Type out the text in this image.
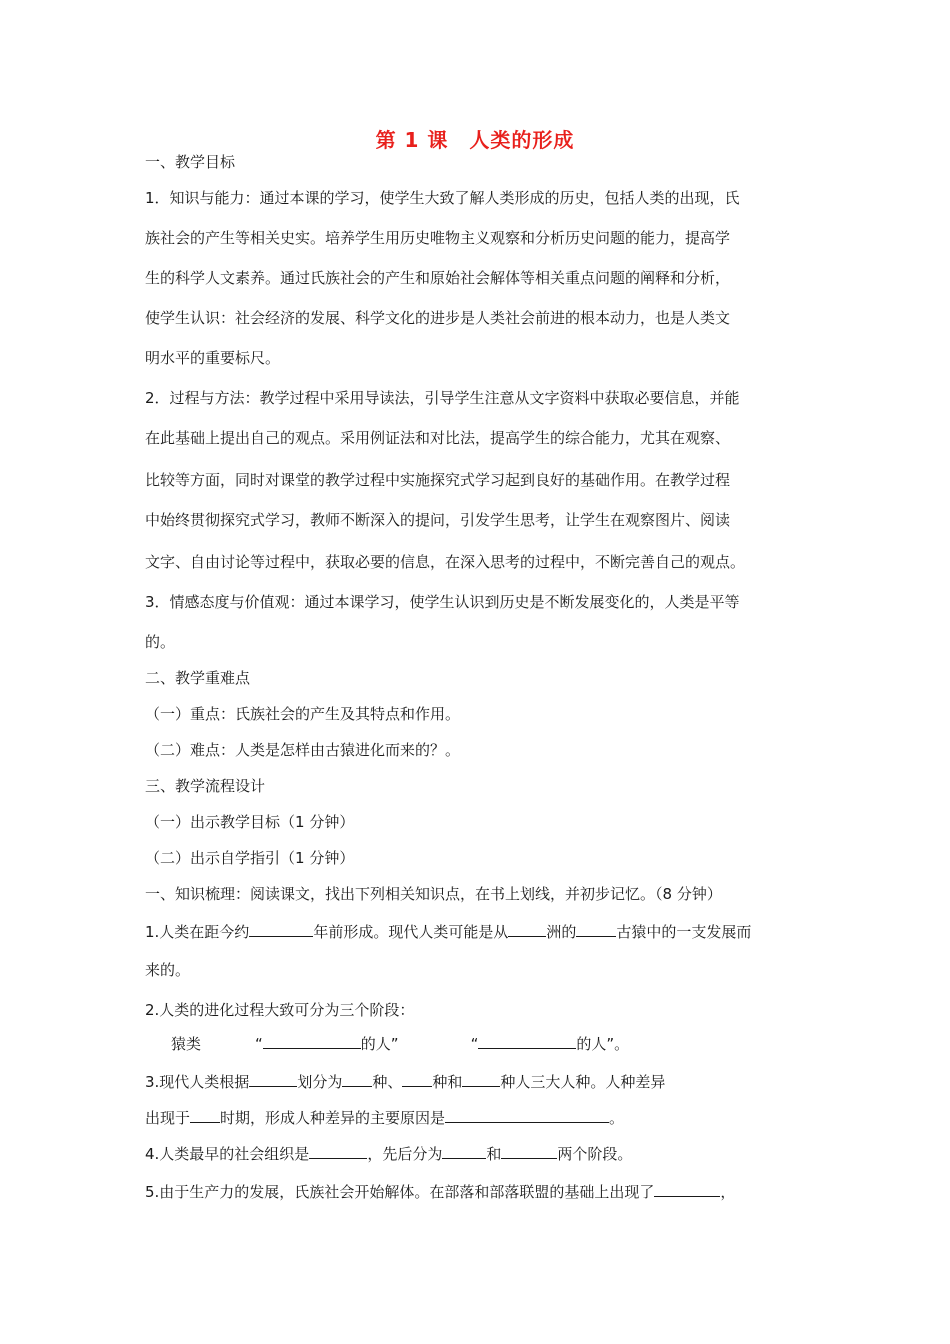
第 1 课　人类的形成
一、教学目标
1．知识与能力：通过本课的学习，使学生大致了解人类形成的历史，包括人类的出现，氏
族社会的产生等相关史实。培养学生用历史唯物主义观察和分析历史问题的能力，提高学
生的科学人文素养。通过氏族社会的产生和原始社会解体等相关重点问题的阐释和分析，
使学生认识：社会经济的发展、科学文化的进步是人类社会前进的根本动力，也是人类文
明水平的重要标尺。
2．过程与方法：教学过程中采用导读法，引导学生注意从文字资料中获取必要信息，并能
在此基础上提出自己的观点。采用例证法和对比法，提高学生的综合能力，尤其在观察、
比较等方面，同时对课堂的教学过程中实施探究式学习起到良好的基础作用。在教学过程
中始终贯彻探究式学习，教师不断深入的提问，引发学生思考，让学生在观察图片、阅读
文字、自由讨论等过程中，获取必要的信息，在深入思考的过程中，不断完善自己的观点。
3．情感态度与价值观：通过本课学习，使学生认识到历史是不断发展变化的，人类是平等
的。
二、教学重难点
（一）重点：氏族社会的产生及其特点和作用。
（二）难点：人类是怎样由古猿进化而来的？。
三、教学流程设计
（一）出示教学目标（1 分钟）
（二）出示自学指引（1 分钟）
一、知识梳理：阅读课文，找出下列相关知识点，在书上划线，并初步记忆。（8 分钟）
1.人类在距今约	年前形成。现代人类可能是从	洲的	古猿中的一支发展而
来的。
2.人类的进化过程大致可分为三个阶段：
猿类	“	的人”	“	的人”。
3.现代人类根据	划分为 种、 种和	种人三大人种。人种差异
出现于 时期，形成人种差异的主要原因是	。
4.人类最早的社会组织是	，先后分为	和	两个阶段。
5.由于生产力的发展，氏族社会开始解体。在部落和部落联盟的基础上出现了	，
